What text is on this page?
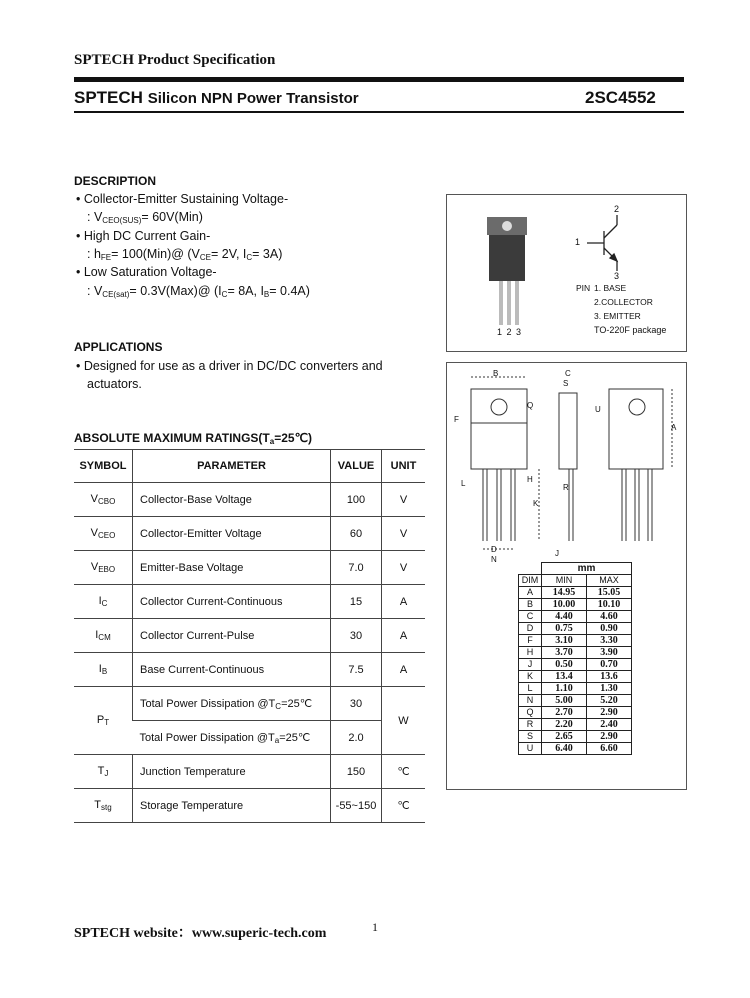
SPTECH Product Specification
SPTECH Silicon NPN Power Transistor	2SC4552
DESCRIPTION
• Collector-Emitter Sustaining Voltage-
: $V_{CEO(SUS)}= 60V(Min)$
• High DC Current Gain-
: $h_{FE}=$ 100(Min)@ ($V_{CE}= 2V$, $I_C= 3A$)
• Low Saturation Voltage-
: $V_{CE(sat)}=$ 0.3V(Max)@ ($I_C= 8A$, $I_B= 0.4A$)
APPLICATIONS
• Designed for use as a driver in DC/DC converters and
actuators.
ABSOLUTE MAXIMUM $RATINGS(T_a=25℃)$
SYMBOL	PARAMETER	VALUE	UNIT
$V_{CBO}$	Collector-Base Voltage	100	V
$V_{CEO}$	Collector-Emitter Voltage	60	V
$V_{EBO}$	Emitter-Base Voltage	7.0	V
$I_C$	Collector Current-Continuous	15	A
$I_{CM}$	Collector Current-Pulse	30	A
$I_B$	Base Current-Continuous	7.5	A
$P_T$	Total Power Dissipation $@T_C=25℃$	30	W
	Total Power Dissipation $@T_a=25℃$	2.0	
$T_J$	Junction Temperature	150	℃
$T_{stg}$	Storage Temperature	-55~150	℃
2
1
3
PIN 1. BASE
2.COLLECTOR
3. EMITTER
TO-220F package
1 2 3
B	C
S
Q	U
F
A
H
L	R
K
D
N
J
	mm	
DIM	MIN	MAX
A	14.95	15.05
B	10.00	10.10
C	4.40	4.60
D	0.75	0.90
F	3.10	3.30
H	3.70	3.90
J	0.50	0.70
K	13.4	13.6
L	1.10	1.30
N	5.00	5.20
Q	2.70	2.90
R	2.20	2.40
S	2.65	2.90
U	6.40	6.60
SPTECH website：www.superic-tech.com	1
